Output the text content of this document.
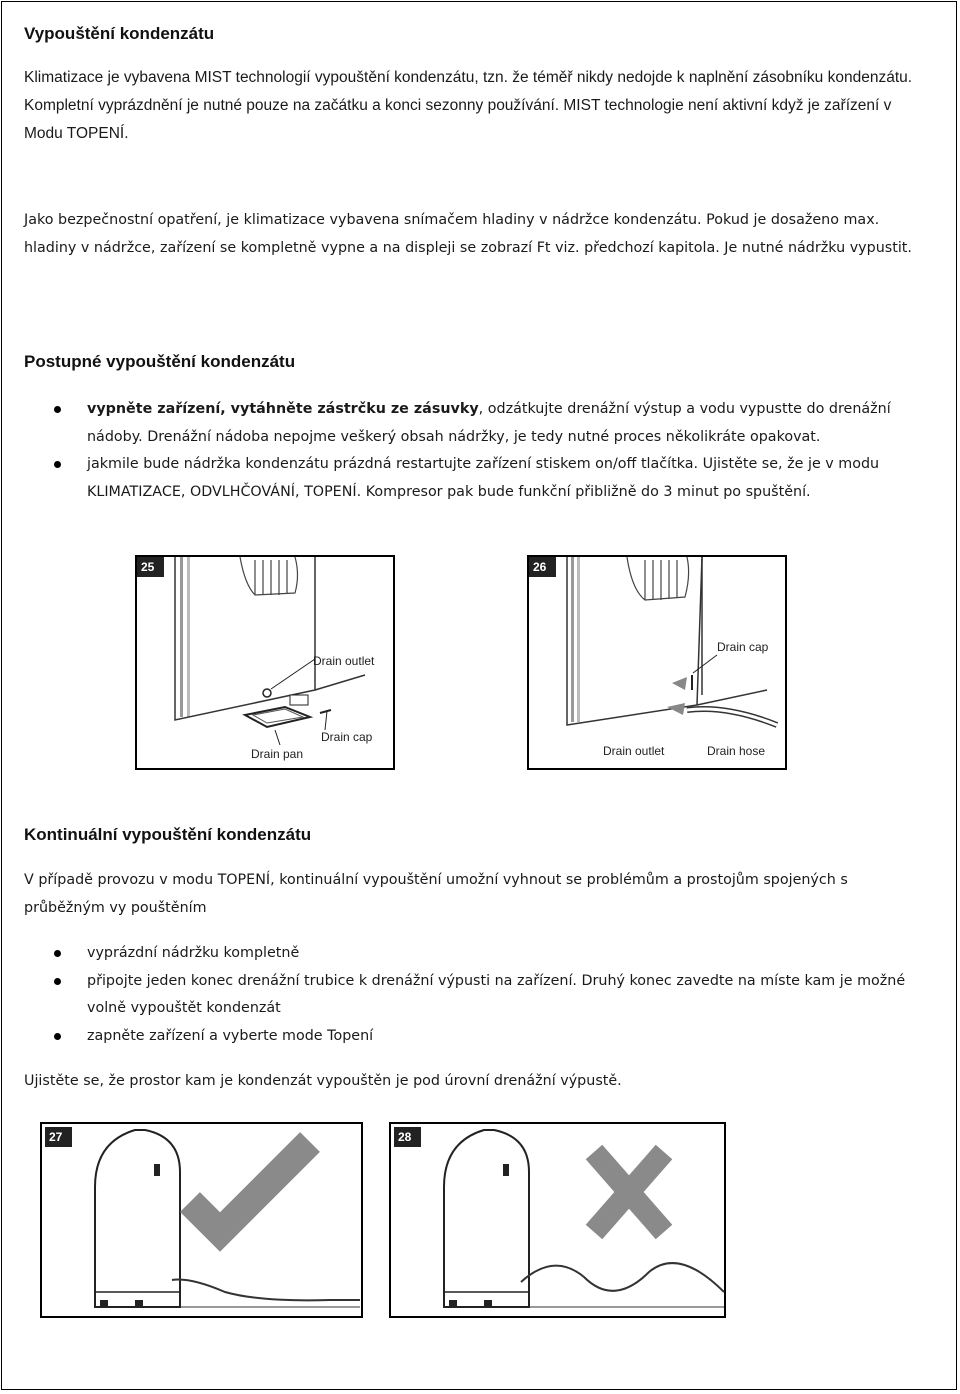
Vypouštění kondenzátu

Klimatizace je vybavena MIST technologií vypouštění kondenzátu, tzn. že téměř nikdy nedojde k naplnění zásobníku kondenzátu. Kompletní vyprázdnění je nutné pouze na začátku a konci sezonny používání. MIST technologie není aktivní když je zařízení v Modu TOPENÍ.

Jako bezpečnostní opatření, je klimatizace vybavena snímačem hladiny v nádržce kondenzátu. Pokud je dosaženo max. hladiny v nádržce, zařízení se kompletně vypne a na displeji se zobrazí Ft viz. předchozí kapitola. Je nutné nádržku vypustit.

Postupné vypouštění kondenzátu
vypněte zařízení, vytáhněte zástrčku ze zásuvky, odzátkujte drenážní výstup a vodu vypustte do drenážní nádoby. Drenážní nádoba nepojme veškerý obsah nádržky, je tedy nutné proces několikráte opakovat.
jakmile bude nádržka kondenzátu prázdná restartujte zařízení stiskem on/off tlačítka. Ujistěte se, že je v modu KLIMATIZACE, ODVLHČOVÁNÍ, TOPENÍ. Kompresor pak bude funkční přibližně do 3 minut po spuštění.
25
Drain outlet
Drain cap
Drain pan
26
Drain cap
Drain outlet	Drain hose
Kontinuální vypouštění kondenzátu

V případě provozu v modu TOPENÍ, kontinuální vypouštění umožní vyhnout se problémům a prostojům spojených s průběžným vy pouštěním

vyprázdní nádržku kompletně
připojte jeden konec drenážní trubice k drenážní výpusti na zařízení. Druhý konec zavedte na míste kam je možné volně vypouštět kondenzát
zapněte zařízení a vyberte mode Topení

Ujistěte se, že prostor kam je kondenzát vypouštěn je pod úrovní drenážní výpustě.

27	28
